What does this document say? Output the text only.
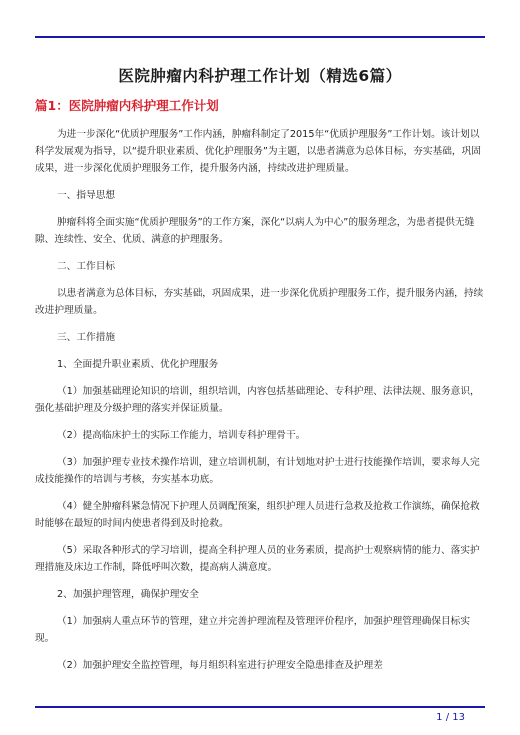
医院肿瘤内科护理工作计划（精选6篇）
篇1：医院肿瘤内科护理工作计划

为进一步深化“优质护理服务”工作内涵，肿瘤科制定了2015年“优质护理服务”工作计划。该计划以科学发展观为指导，以“提升职业素质、优化护理服务”为主题，以患者满意为总体目标，夯实基础，巩固成果，进一步深化优质护理服务工作，提升服务内涵，持续改进护理质量。

一、指导思想

肿瘤科将全面实施“优质护理服务”的工作方案，深化“以病人为中心”的服务理念，为患者提供无缝隙、连续性、安全、优质、满意的护理服务。

二、工作目标

以患者满意为总体目标，夯实基础，巩固成果，进一步深化优质护理服务工作，提升服务内涵，持续改进护理质量。

三、工作措施

1、全面提升职业素质、优化护理服务

（1）加强基础理论知识的培训，组织培训，内容包括基础理论、专科护理、法律法规、服务意识，强化基础护理及分级护理的落实并保证质量。

（2）提高临床护士的实际工作能力，培训专科护理骨干。

（3）加强护理专业技术操作培训，建立培训机制，有计划地对护士进行技能操作培训，要求每人完成技能操作的培训与考核，夯实基本功底。

（4）健全肿瘤科紧急情况下护理人员调配预案，组织护理人员进行急救及抢救工作演练，确保抢救时能够在最短的时间内使患者得到及时抢救。

（5）采取各种形式的学习培训，提高全科护理人员的业务素质，提高护士观察病情的能力、落实护理措施及床边工作制，降低呼叫次数，提高病人满意度。

2、加强护理管理，确保护理安全

（1）加强病人重点环节的管理，建立并完善护理流程及管理评价程序，加强护理管理确保目标实现。

（2）加强护理安全监控管理，每月组织科室进行护理安全隐患排查及护理差

1 / 13
